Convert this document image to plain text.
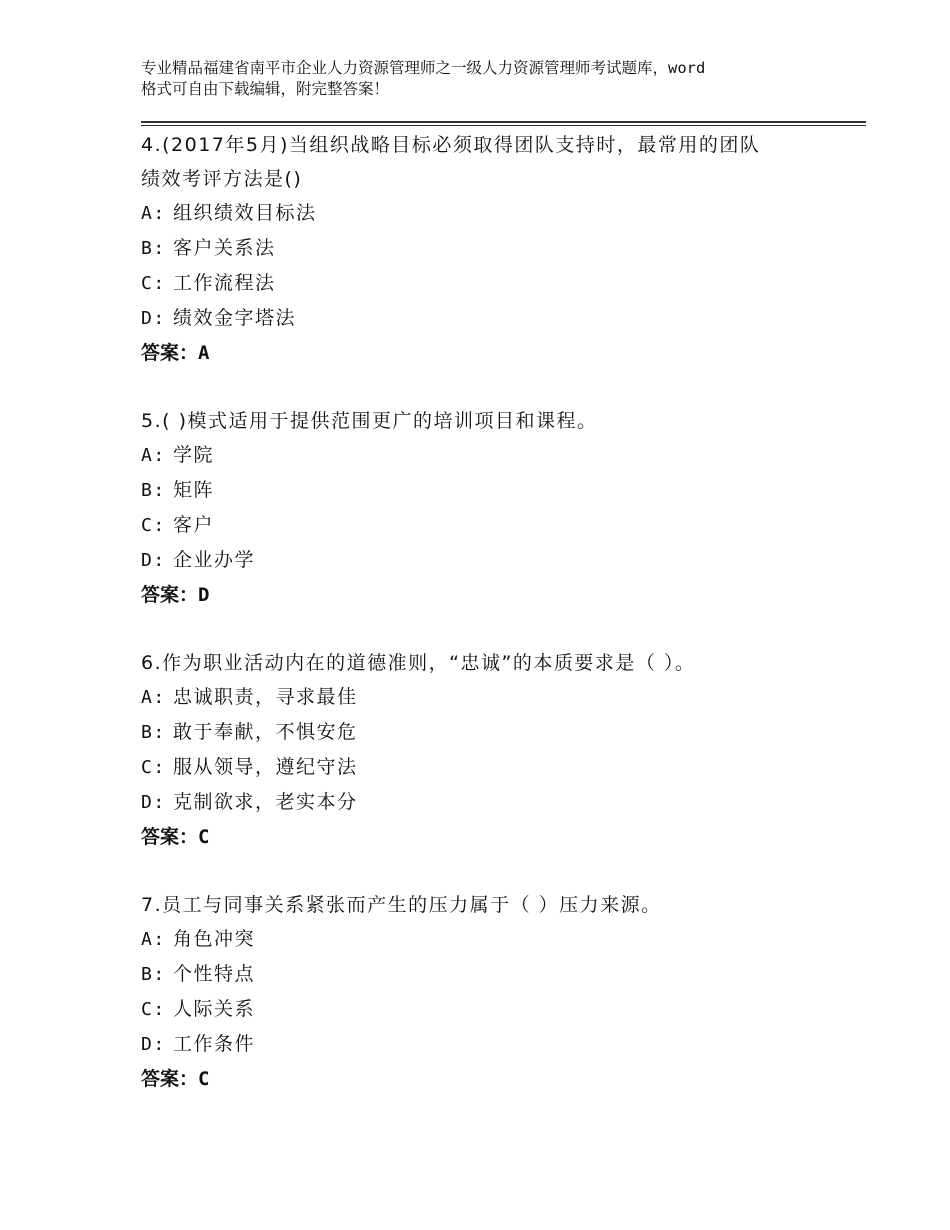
专业精品福建省南平市企业人力资源管理师之一级人力资源管理师考试题库，word
格式可自由下载编辑，附完整答案！
4.(2017年5月)当组织战略目标必须取得团队支持时，最常用的团队
绩效考评方法是()
A: 组织绩效目标法
B: 客户关系法
C: 工作流程法
D: 绩效金字塔法
答案：A
5.( )模式适用于提供范围更广的培训项目和课程。
A: 学院
B: 矩阵
C: 客户
D: 企业办学
答案：D
6.作为职业活动内在的道德准则，“忠诚”的本质要求是（ ）。
A: 忠诚职责，寻求最佳
B: 敢于奉献，不惧安危
C: 服从领导，遵纪守法
D: 克制欲求，老实本分
答案：C
7.员工与同事关系紧张而产生的压力属于（ ）压力来源。
A: 角色冲突
B: 个性特点
C: 人际关系
D: 工作条件
答案：C
